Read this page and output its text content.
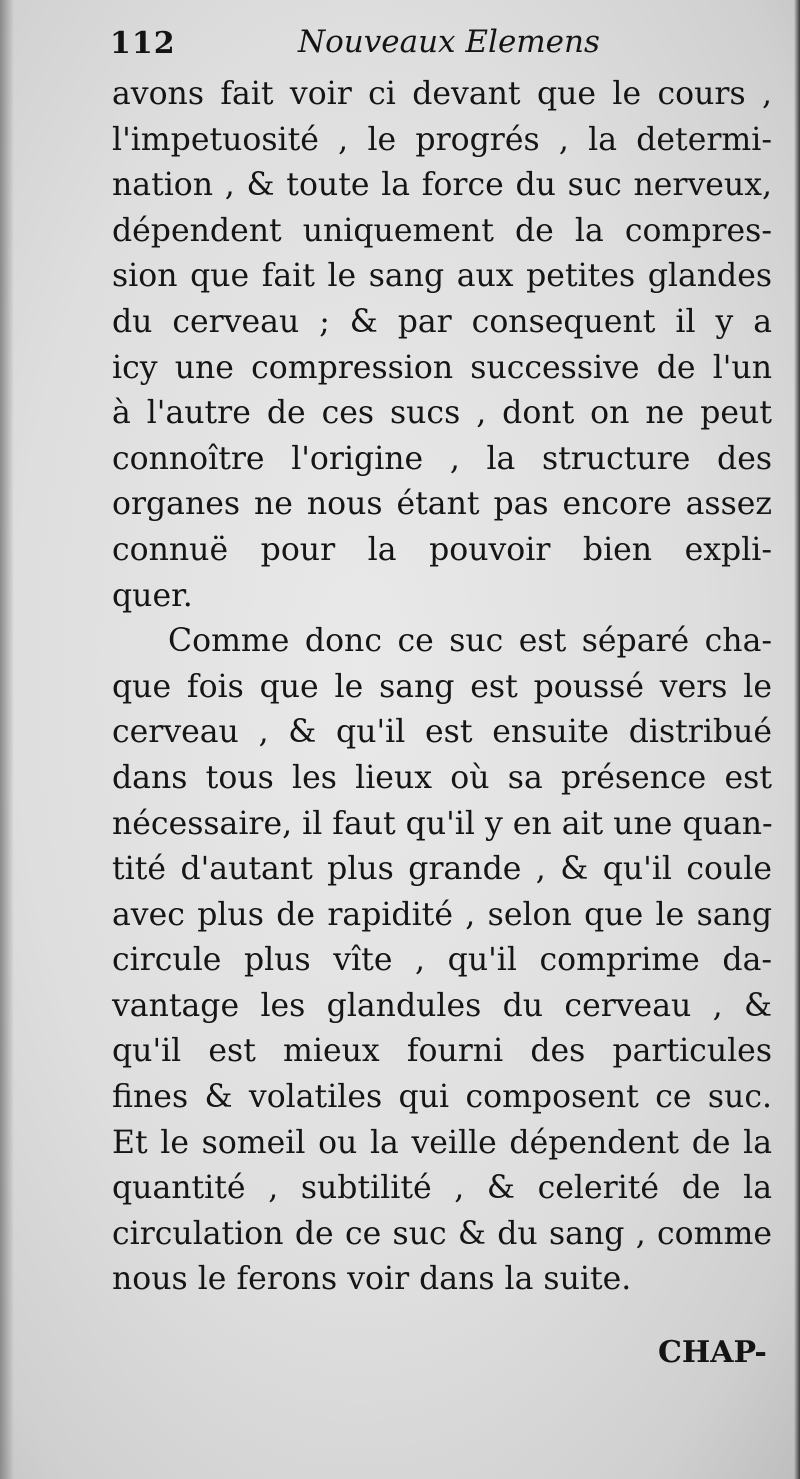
112	Nouveaux Elemens
avons fait voir ci devant que le cours ,
l'impetuosité , le progrés , la determi-
nation , & toute la force du suc nerveux,
dépendent uniquement de la compres-
sion que fait le sang aux petites glandes
du cerveau ; & par consequent il y a
icy une compression successive de l'un
à l'autre de ces sucs , dont on ne peut
connoître l'origine , la structure des
organes ne nous étant pas encore assez
connuë pour la pouvoir bien expli-
quer.
Comme donc ce suc est séparé cha-
que fois que le sang est poussé vers le
cerveau , & qu'il est ensuite distribué
dans tous les lieux où sa présence est
nécessaire, il faut qu'il y en ait une quan-
tité d'autant plus grande , & qu'il coule
avec plus de rapidité , selon que le sang
circule plus vîte , qu'il comprime da-
vantage les glandules du cerveau , &
qu'il est mieux fourni des particules
fines & volatiles qui composent ce suc.
Et le someil ou la veille dépendent de la
quantité , subtilité , & celerité de la
circulation de ce suc & du sang , comme
nous le ferons voir dans la suite.
CHAP-
